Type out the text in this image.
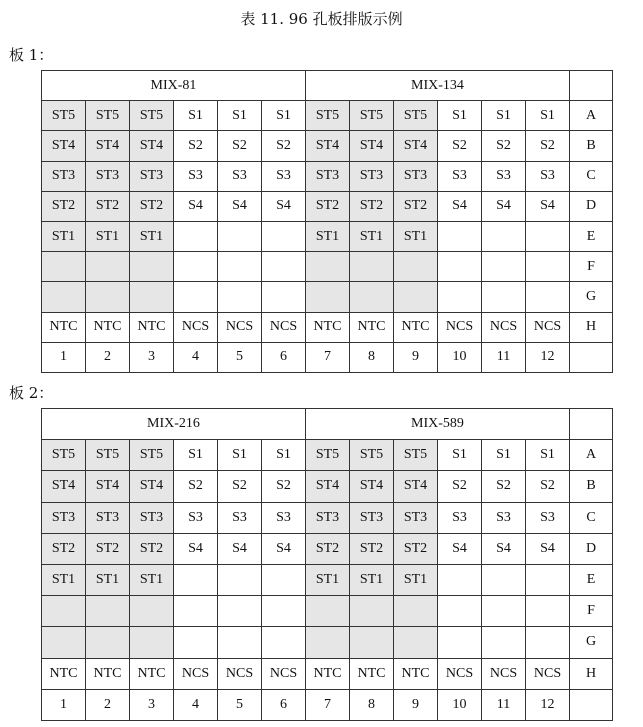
表 11. 96 孔板排版示例
板 1：
MIX-81						MIX-134						
ST5	ST5	ST5	S1	S1	S1	ST5	ST5	ST5	S1	S1	S1	A
ST4	ST4	ST4	S2	S2	S2	ST4	ST4	ST4	S2	S2	S2	B
ST3	ST3	ST3	S3	S3	S3	ST3	ST3	ST3	S3	S3	S3	C
ST2	ST2	ST2	S4	S4	S4	ST2	ST2	ST2	S4	S4	S4	D
ST1	ST1	ST1				ST1	ST1	ST1				E
												F
												G
NTC	NTC	NTC	NCS	NCS	NCS	NTC	NTC	NTC	NCS	NCS	NCS	H
1	2	3	4	5	6	7	8	9	10	11	12	
板 2：
MIX-216						MIX-589						
ST5	ST5	ST5	S1	S1	S1	ST5	ST5	ST5	S1	S1	S1	A
ST4	ST4	ST4	S2	S2	S2	ST4	ST4	ST4	S2	S2	S2	B
ST3	ST3	ST3	S3	S3	S3	ST3	ST3	ST3	S3	S3	S3	C
ST2	ST2	ST2	S4	S4	S4	ST2	ST2	ST2	S4	S4	S4	D
ST1	ST1	ST1				ST1	ST1	ST1				E
												F
												G
NTC	NTC	NTC	NCS	NCS	NCS	NTC	NTC	NTC	NCS	NCS	NCS	H
1	2	3	4	5	6	7	8	9	10	11	12	
